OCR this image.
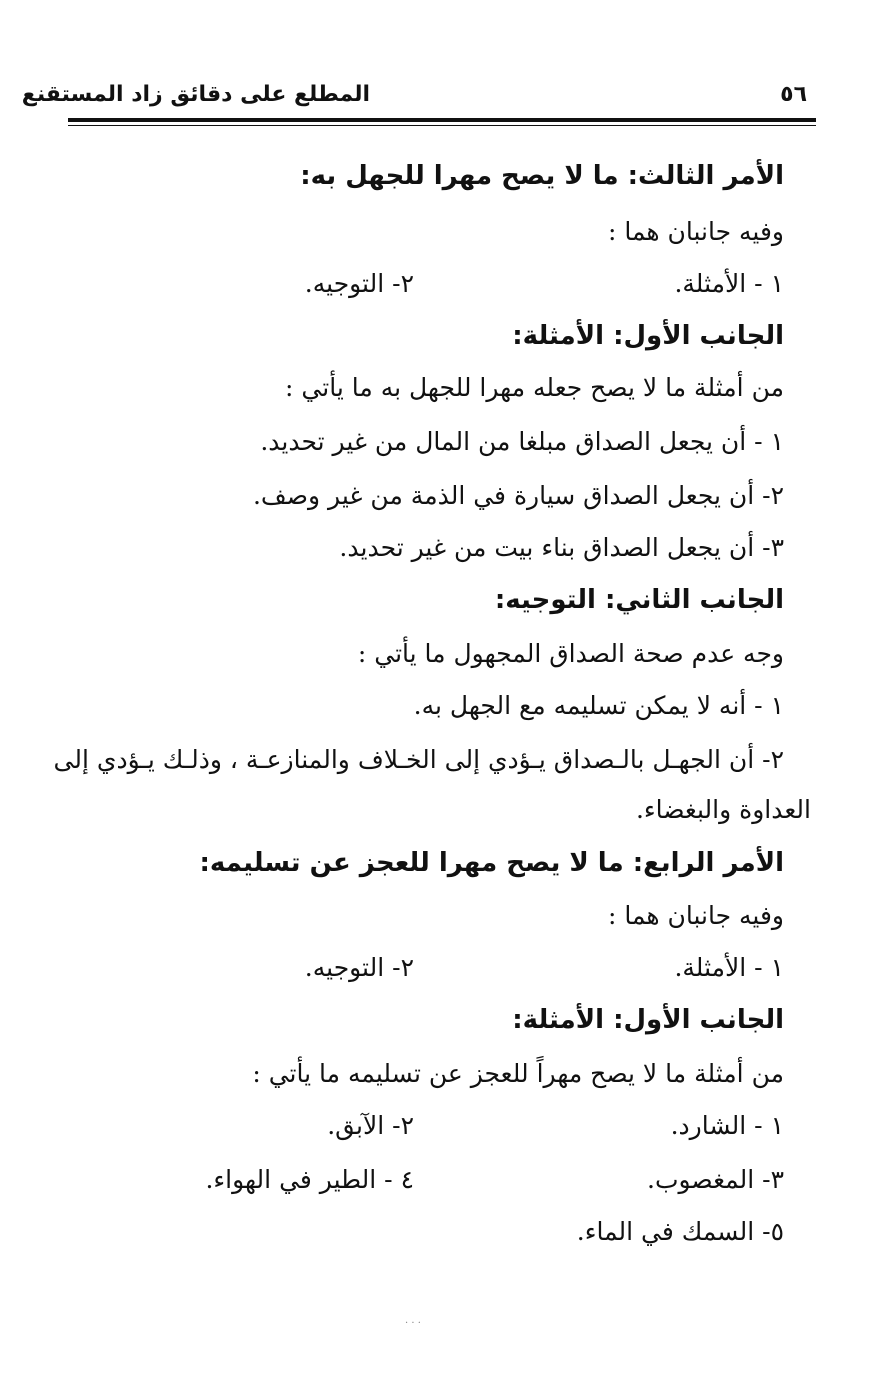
٥٦
المطلع على دقائق زاد المستقنع
الأمر الثالث: ما لا يصح مهرا للجهل به:
وفيه جانبان هما :
١ - الأمثلة.
٢- التوجيه.
الجانب الأول: الأمثلة:
من أمثلة ما لا يصح جعله مهرا للجهل به ما يأتي :
١ - أن يجعل الصداق مبلغا من المال من غير تحديد.
٢- أن يجعل الصداق سيارة في الذمة من غير وصف.
٣- أن يجعل الصداق بناء بيت من غير تحديد.
الجانب الثاني: التوجيه:
وجه عدم صحة الصداق المجهول ما يأتي :
١ - أنه لا يمكن تسليمه مع الجهل به.
٢- أن الجهـل بالـصداق يـؤدي إلى الخـلاف والمنازعـة ، وذلـك يـؤدي إلى
العداوة والبغضاء.
الأمر الرابع: ما لا يصح مهرا للعجز عن تسليمه:
وفيه جانبان هما :
١ - الأمثلة.
٢- التوجيه.
الجانب الأول: الأمثلة:
من أمثلة ما لا يصح مهراً للعجز عن تسليمه ما يأتي :
١ - الشارد.
٢- الآبق.
٣- المغصوب.
٤ - الطير في الهواء.
٥- السمك في الماء.
· · ·
